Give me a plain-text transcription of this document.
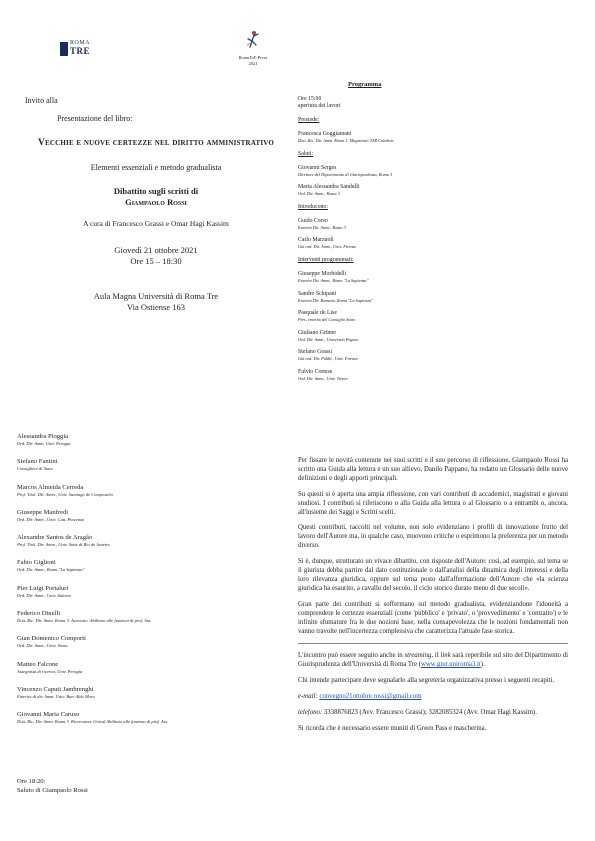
ROMA
TRE
RomaTrE-Press
2021
Invito alla
Presentazione del libro:
Vecchie e nuove certezze nel diritto amministrativo
Elementi essenziali e metodo gradualista
Dibattito sugli scritti di
Giampaolo Rossi
A cura di Francesco Grassi e Omar Hagi Kassim
Giovedì 21 ottobre 2021
Ore 15 – 18:30
Aula Magna Università di Roma Tre
Via Ostiense 163
Alessandra Pioggia
Ord. Dir. Amm. Unit. Perugia
Stefano Fantini
Consigliere di Stato
Marcos Almeida Cerreda
Prof. Titol. Dir. Amm., Univ. Santiago de Compostela
Giuseppe Manfredi
Ord. Dir. Amm., Univ. Catt. Piacenza
Alexandre Santos de Aragão
Prof. Titol. Dir. Amm., Univ. State di Rio de Janeiro
Fabio Giglioni
Ord. Dir. Amm., Roma "La Sapienza"
Pier Luigi Portaluri
Ord. Dir. Amm., Univ. Salento
Federico Dinelli
Dott. Ric. Dir. Amm. Roma 3. Avvocato. Abilitato alle funzioni di prof. Ass.
Gian Domenico Comporti
Ord. Dir. Amm., Univ. Siena
Matteo Falcone
Assegnista di ricerca, Univ. Perugia
Vincenzo Caputi Jambrenghi
Emerito di dir. Amm. Univ. Bari Aldo Moro
Giovanni Maria Caruso
Dott. Ric. Dir. Amm. Roma 3. Ricercatore Unical Abilitato alle funzioni di prof. Ass.
Ore 18:20:
Saluto di Giampaolo Rossi
Programma
Ore 15:00
apertura dei lavori
Presiede:
Francesca Goggiamani
Dott. Ric. Dir. Amm. Roma 3, Magistrato TAR Calabria
Saluti:
Giovanni Serges
Direttore del Dipartimento di Giurisprudenza, Roma 3
Maria Alessandra Sandulli
Ord. Dir. Amm., Roma 3
Introducono:
Guido Corso
Emerito Dir. Amm., Roma 3
Carlo Marzuoli
Già ord. Dir. Amm., Univ. Firenze
Interventi programmati:
Giuseppe Morbidelli
Emerito Dir. Amm., Roma "La Sapienza"
Sandro Schipani
Emerito Dir. Romano, Roma "La Sapienza"
Pasquale de Lise
Pres. emerito del Consiglio Stato
Giuliano Grüner
Ord. Dir. Amm., Università Pegaso
Stefano Grassi
Già ord. Dir. Pubbl., Univ. Firenze
Fulvio Cortese
Ord. Dir. Amm., Univ. Trento

Per fissare le novità contenute nei suoi scritti e il suo percorso di riflessione, Giampaolo Rossi ha scritto una Guida alla lettura e un suo allievo, Danilo Pappano, ha redatto un Glossario delle nuove definizioni e degli apporti principali.

Su questi si è aperta una ampia riflessione, con vari contributi di accademici, magistrati e giovani studiosi. I contributi si riferiscono o alla Guida alla lettura o al Glossario o a entrambi o, ancora, all'insieme dei Saggi e Scritti scelti.

Questi contributi, raccolti nel volume, non solo evidenziano i profili di innovazione frutto del lavoro dell'Autore ma, in qualche caso, muovono critiche o esprimono la preferenza per un metodo diverso.

Si è, dunque, strutturato un vivace dibattito, con risposte dell'Autore: così, ad esempio, sul tema se il giurista debba partire dal dato costituzionale o dall'analisi della dinamica degli interessi e della loro rilevanza giuridica, oppure sul tema posto dall'affermazione dell'Autore che «la scienza giuridica ha esaurito, a cavallo del secolo, il ciclo storico durato meno di due secoli».

Gran parte dei contributi si soffermano sul metodo gradualista, evidenziandone l'idoneità a comprendere le certezze essenziali (come 'pubblico' e 'privato', o 'provvedimento' e 'contratto') e le infinite sfumature fra le due nozioni base, nella consapevolezza che le nozioni fondamentali non vanno travolte nell'incertezza complessiva che caratterizza l'attuale fase storica.

L'incontro può essere seguito anche in streaming, il link sarà reperibile sul sito del Dipartimento di Giurisprudenza dell'Università di Roma Tre (www.giur.uniroma3.it).

Chi intende partecipare deve segnalarlo alla segreteria organizzativa presso i seguenti recapiti.

e-mail: convegno21ottobre.rossi@gmail.com

telefono: 3338876823 (Avv. Francesco Grassi); 3282085324 (Avv. Omar Hagi Kassim).

Si ricorda che è necessario essere muniti di Green Pass e mascherina.
